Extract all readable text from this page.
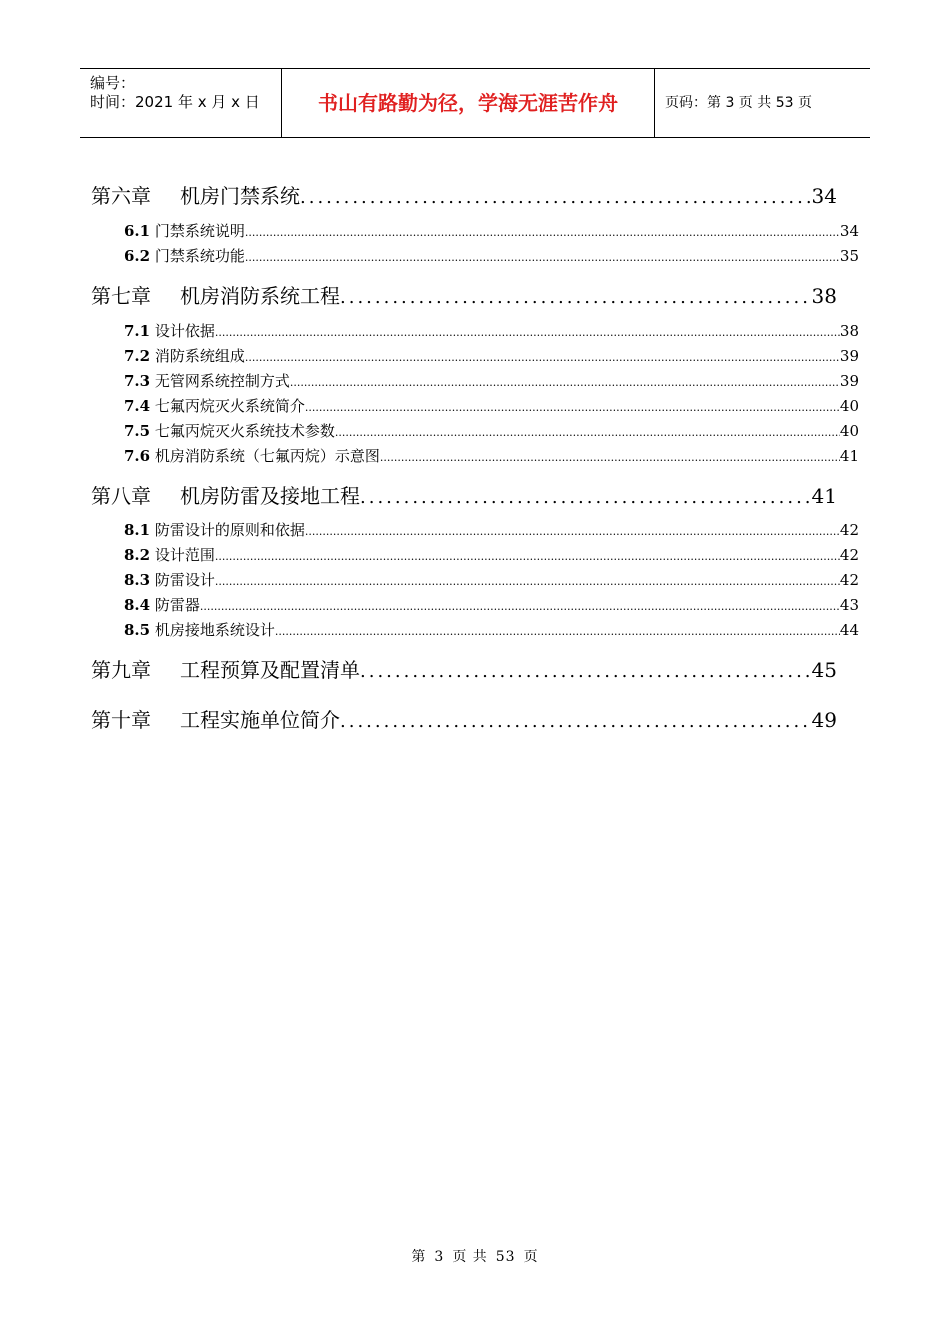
编号：
时间：2021 年 x 月 x 日	书山有路勤为径，学海无涯苦作舟	页码：第 3 页 共 53 页
第六章 机房门禁系统 .....	34
6.1 门禁系统说明 .....	34
6.2 门禁系统功能 .....	35
第七章 机房消防系统工程 .....	38
7.1 设计依据 .....	38
7.2 消防系统组成 .....	39
7.3 无管网系统控制方式 .....	39
7.4 七氟丙烷灭火系统简介 .....	40
7.5 七氟丙烷灭火系统技术参数 .....	40
7.6 机房消防系统（七氟丙烷）示意图 .....	41
第八章 机房防雷及接地工程 .....	41
8.1 防雷设计的原则和依据 .....	42
8.2 设计范围 .....	42
8.3 防雷设计 .....	42
8.4 防雷器 .....	43
8.5 机房接地系统设计 .....	44
第九章 工程预算及配置清单 .....	45
第十章 工程实施单位简介 .....	49
第 3 页 共 53 页
